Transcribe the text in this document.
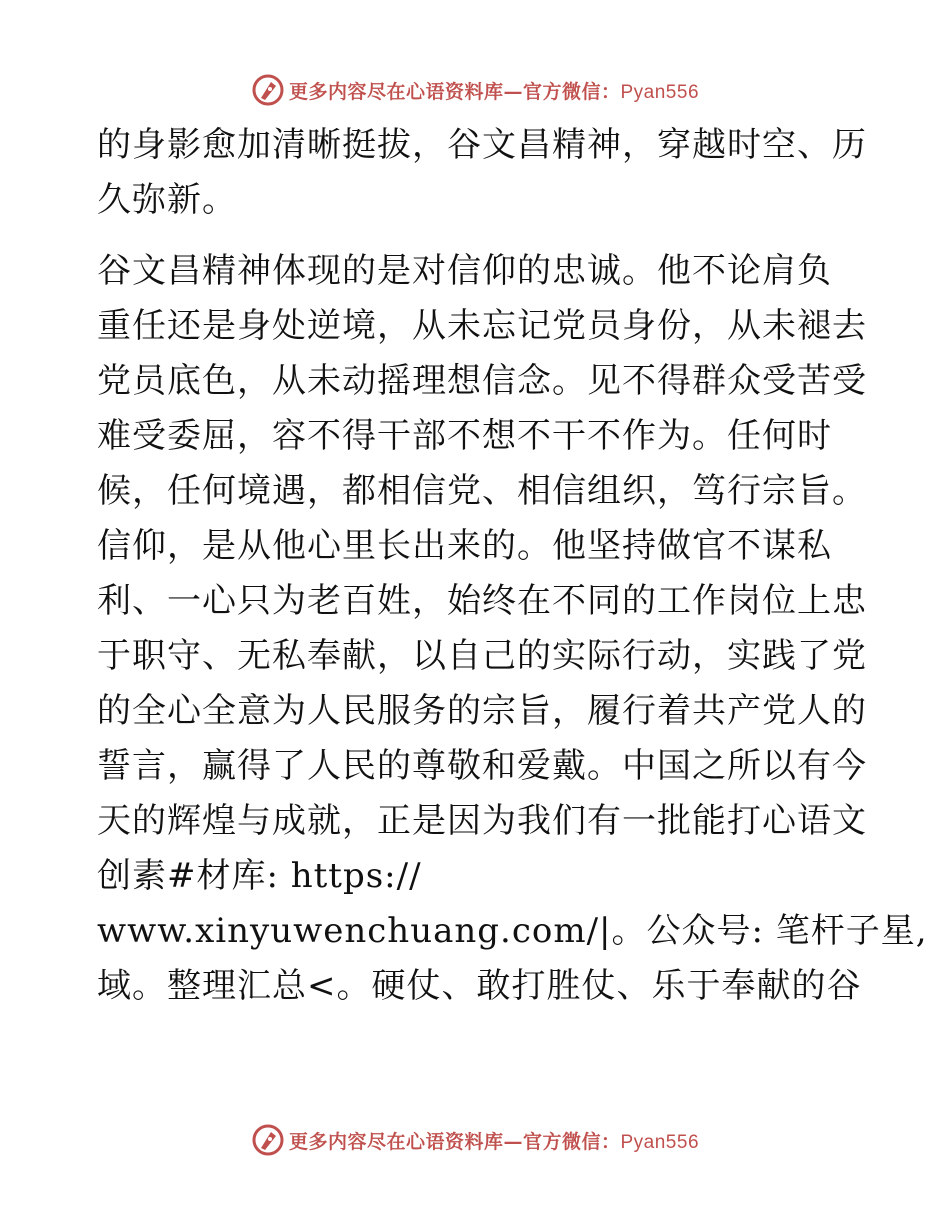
更多内容尽在心语资料库—官方微信：Pyan556
的身影愈加清晰挺拔，谷文昌精神，穿越时空、历
久弥新。
谷文昌精神体现的是对信仰的忠诚。他不论肩负
重任还是身处逆境，从未忘记党员身份，从未褪去
党员底色，从未动摇理想信念。见不得群众受苦受
难受委屈，容不得干部不想不干不作为。任何时
候，任何境遇，都相信党、相信组织，笃行宗旨。
信仰，是从他心里长出来的。他坚持做官不谋私
利、一心只为老百姓，始终在不同的工作岗位上忠
于职守、无私奉献，以自己的实际行动，实践了党
的全心全意为人民服务的宗旨，履行着共产党人的
誓言，赢得了人民的尊敬和爱戴。中国之所以有今
天的辉煌与成就，正是因为我们有一批能打心语文
创素#材库: https://
www.xinyuwenchuang.com/|。公众号: 笔杆子星,
域。整理汇总<。硬仗、敢打胜仗、乐于奉献的谷
更多内容尽在心语资料库—官方微信：Pyan556
